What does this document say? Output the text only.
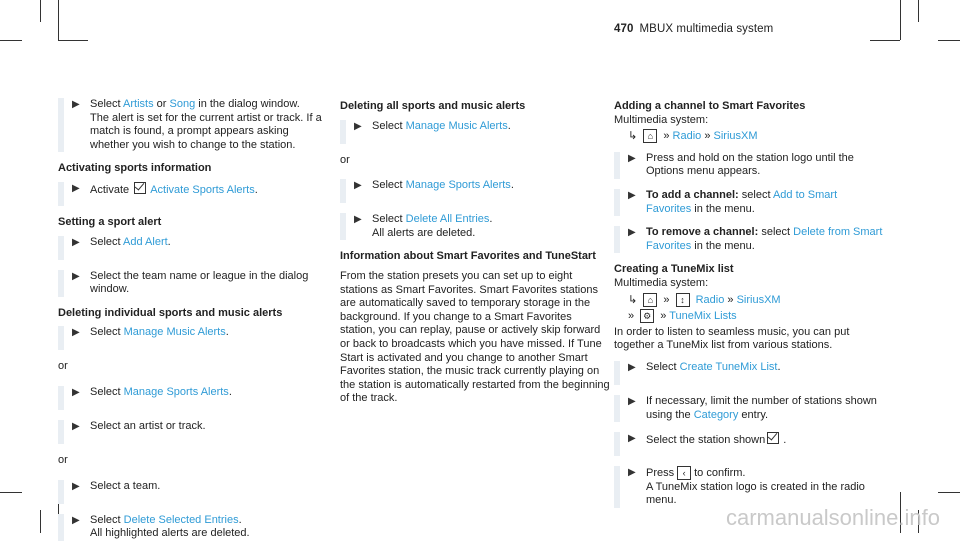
470 MBUX multimedia system
▶ Select Artists or Song in the dialog window.
The alert is set for the current artist or track. If a match is found, a prompt appears asking whether you wish to change to the station.
Activating sports information
▶ Activate Activate Sports Alerts.
Setting a sport alert
▶ Select Add Alert.
▶ Select the team name or league in the dialog window.
Deleting individual sports and music alerts
▶ Select Manage Music Alerts.
or
▶ Select Manage Sports Alerts.
▶ Select an artist or track.
or
▶ Select a team.
▶ Select Delete Selected Entries.
All highlighted alerts are deleted.
Deleting all sports and music alerts
▶ Select Manage Music Alerts.
or
▶ Select Manage Sports Alerts.
▶ Select Delete All Entries.
All alerts are deleted.
Information about Smart Favorites and TuneStart
From the station presets you can set up to eight stations as Smart Favorites. Smart Favorites stations are automatically saved to temporary storage in the background. If you change to a Smart Favorites station, you can replay, pause or actively skip forward or back to broadcasts which you have missed. If Tune Start is activated and you change to another Smart Favorites station, the music track currently playing on the station is automatically restarted from the beginning of the track.
Adding a channel to Smart Favorites
Multimedia system:
↳ ⌂ » Radio » SiriusXM
▶ Press and hold on the station logo until the Options menu appears.
▶ To add a channel: select Add to Smart Favorites in the menu.
▶ To remove a channel: select Delete from Smart Favorites in the menu.
Creating a TuneMix list
Multimedia system:
↳ ⌂ » ↕ Radio » SiriusXM
» ⚙ » TuneMix Lists
In order to listen to seamless music, you can put together a TuneMix list from various stations.
▶ Select Create TuneMix List.
▶ If necessary, limit the number of stations shown using the Category entry.
▶ Select the station shown .
▶ Press ‹ to confirm.
A TuneMix station logo is created in the radio menu.
carmanualsonline.info
